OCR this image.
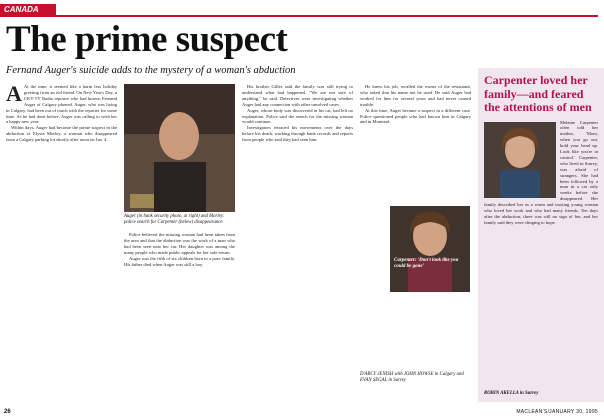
CANADA
The prime suspect
Fernand Auger's suicide adds to the mystery of a woman's abduction

A At the time, it seemed like a harm less holiday greeting from an old friend. On New Year's Day, a CKY-TV Radio reporter who had known Fernand Auger of Calgary phoned. Auger, who was living in Calgary, had been out of touch with the reporter for some time. As he had done before, Auger was calling to wish her a happy new year.

Within days, Auger had become the prime suspect in the abduction of Elysia Morley, a woman who disappeared from a Calgary parking lot shortly after noon on Jan. 4.

Auger (in bank security photo, at right) and Morley: police search for Carpenter (below) disappearance

Police believed the missing woman had been taken from the area and that the abduction was the work of a man who had been seen near her car. Her daughter was among the many people who made public appeals for her safe return.

Auger was the fifth of six children born to a poor family. His father died when Auger was still a boy.

His brother Gilles said the family was still trying to understand what had happened. "We are not sure of anything," he said. Detectives were investigating whether Auger had any connection with other unsolved cases.

Auger, whose body was discovered in his car, had left no explanation. Police said the search for the missing woman would continue.

Investigators retraced his movements over the days before his death, working through bank records and reports from people who said they had seen him.

He knew his job, recalled the owner of the restaurant, who asked that his name not be used. He said Auger had worked for him for several years and had never caused trouble.

At this time, Auger became a suspect in a different case. Police questioned people who had known him in Calgary and in Montreal.

Carpenter: 'Don't look like you could be gone'
D'ARCY JENISH with JOHN HOWSE in Calgary and EVAN SEGAL in Surrey
Carpenter loved her family—and feared the attentions of men
Melanie Carpenter often told her mother, 'Mom, when you go out, hold your head up. Look like you're in control.' Carpenter, who lived in Surrey, was afraid of strangers. She had been followed by a man in a car only weeks before she disappeared. Her family described her as a warm and trusting young woman who loved her work and who had many friends. Ten days after the abduction, there was still no sign of her, and her family said they were clinging to hope.
ROBIN AKELLA in Surrey
26	MACLEAN'S/JANUARY 30, 1995
